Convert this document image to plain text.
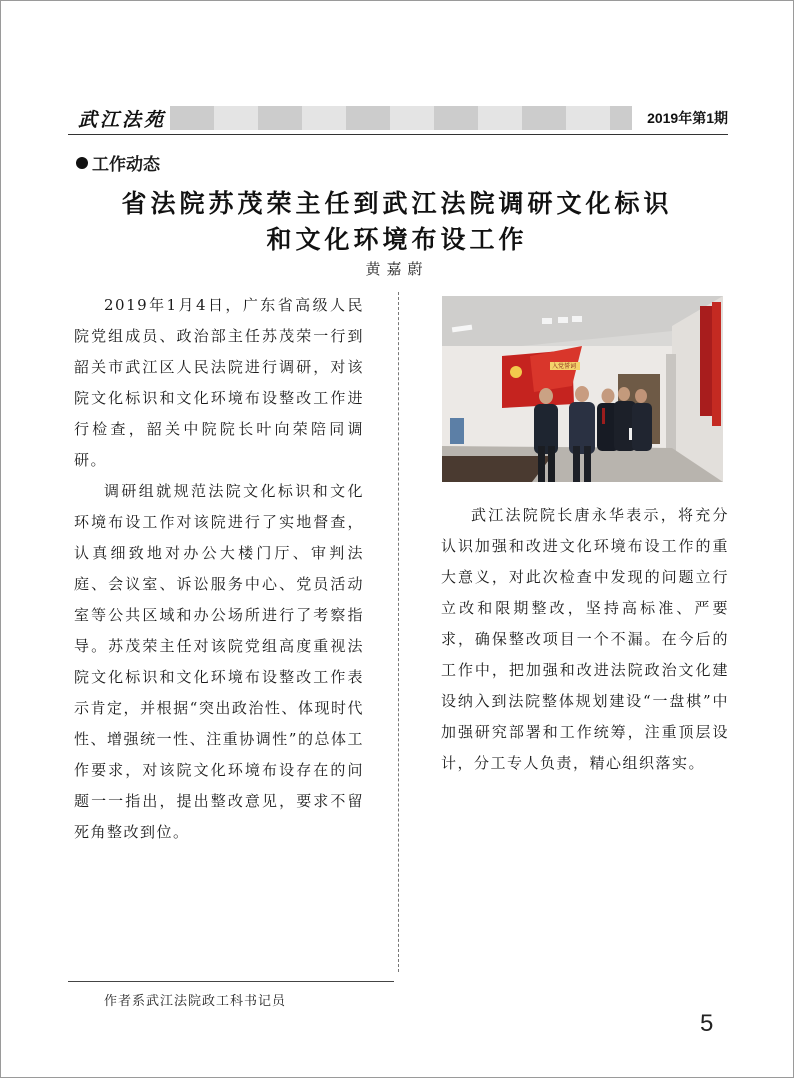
武江法苑	2019年第1期
工作动态
省法院苏茂荣主任到武江法院调研文化标识
和文化环境布设工作
黄嘉蔚

2019年1月4日，广东省高级人民院党组成员、政治部主任苏茂荣一行到韶关市武江区人民法院进行调研，对该院文化标识和文化环境布设整改工作进行检查，韶关中院院长叶向荣陪同调研。

调研组就规范法院文化标识和文化环境布设工作对该院进行了实地督查，认真细致地对办公大楼门厅、审判法庭、会议室、诉讼服务中心、党员活动室等公共区域和办公场所进行了考察指导。苏茂荣主任对该院党组高度重视法院文化标识和文化环境布设整改工作表示肯定，并根据“突出政治性、体现时代性、增强统一性、注重协调性”的总体工作要求，对该院文化环境布设存在的问题一一指出，提出整改意见，要求不留死角整改到位。

入党誓词

武江法院院长唐永华表示，将充分认识加强和改进文化环境布设工作的重大意义，对此次检查中发现的问题立行立改和限期整改，坚持高标准、严要求，确保整改项目一个不漏。在今后的工作中，把加强和改进法院政治文化建设纳入到法院整体规划建设“一盘棋”中加强研究部署和工作统筹，注重顶层设计，分工专人负责，精心组织落实。

作者系武江法院政工科书记员
5
